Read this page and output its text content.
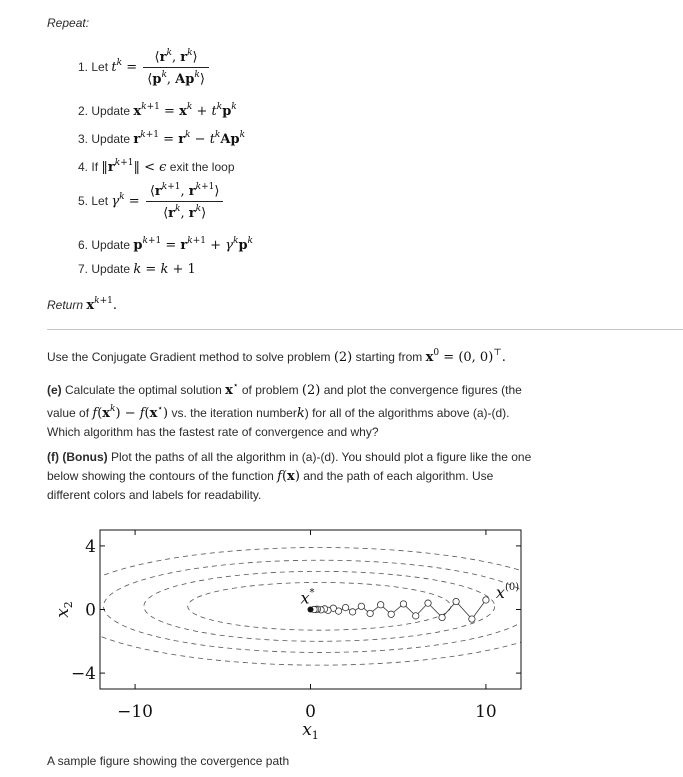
Repeat:
1. Let $t^k = \frac{⟨r^k, r^k⟩}{⟨p^k, Ap^k⟩}$
2. Update $x^{k+1} = x^k + t^kp^k$
3. Update $r^{k+1} = r^k - t^kAp^k$
4. If $‖r^{k+1}‖ < \epsilon$ exit the loop
5. Let $\gamma^k = \frac{⟨r^{k+1}, r^{k+1}⟩}{⟨r^k, r^k⟩}$
6. Update $p^{k+1} = r^{k+1} + \gamma^kp^k$
7. Update k = k + 1
Return $x^{k+1}$.
Use the Conjugate Gradient method to solve problem (2) starting from $x^0 = (0$, 0)⊤.
(e) Calculate the optimal solution x⋆ of problem (2) and plot the convergence figures (the
value of $f(x^k) - f(x^⋆)$ vs. the iteration numberk) for all of the algorithms above (a)-(d).
Which algorithm has the fastest rate of convergence and why?
(f) (Bonus) Plot the paths of all the algorithm in (a)-(d). You should plot a figure like the one
below showing the contours of the function f(x) and the path of each algorithm. Use
different colors and labels for readability.
−10	0	10
−4
0
4
$x_1$
$x_2$
$x^{(0)}$
x*
A sample figure showing the covergence path
